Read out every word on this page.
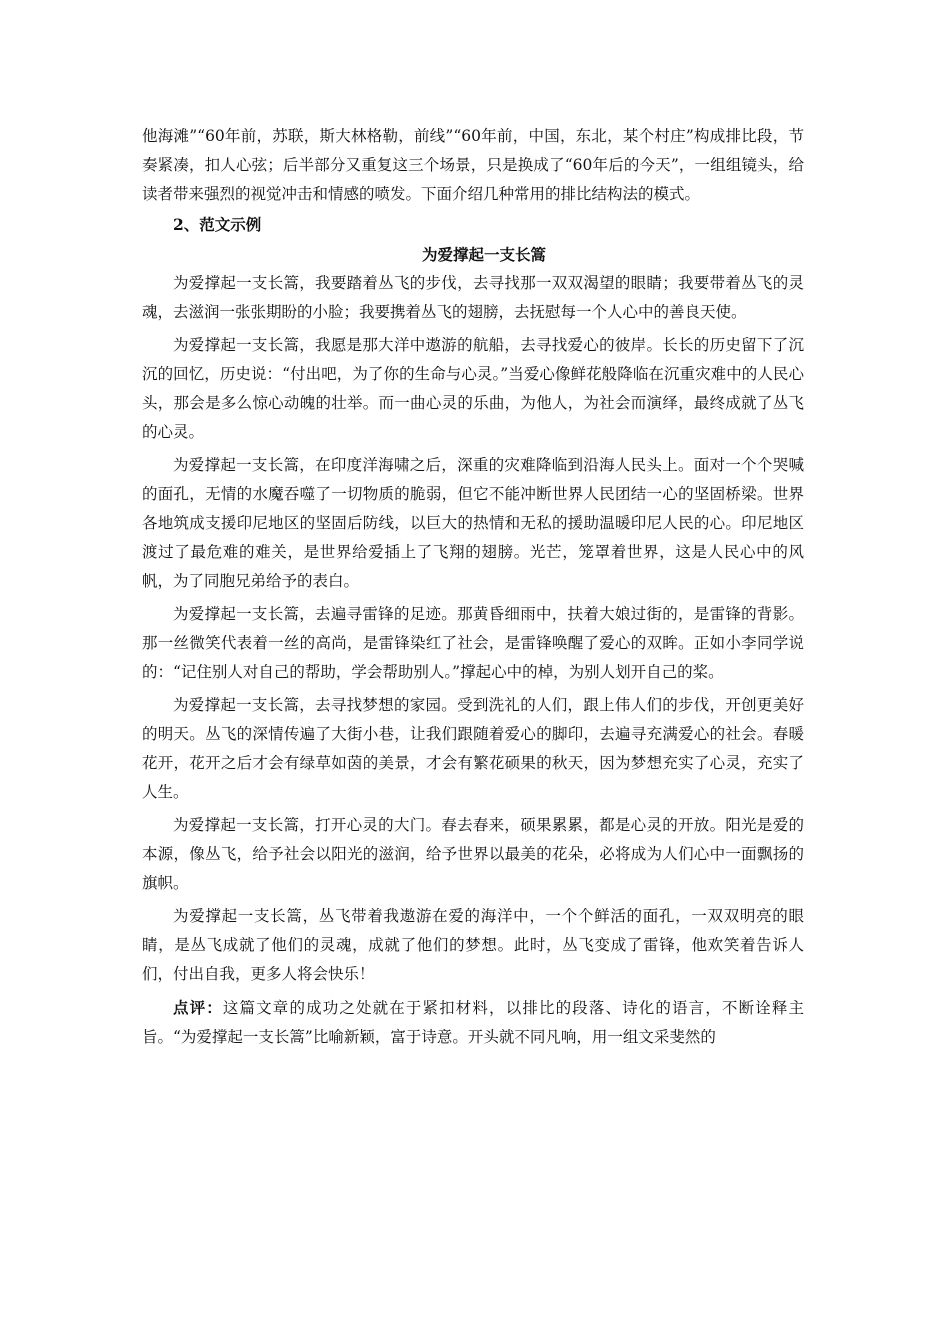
他海滩”“60年前，苏联，斯大林格勒，前线”“60年前，中国，东北，某个村庄”构成排比段，节奏紧凑，扣人心弦；后半部分又重复这三个场景，只是换成了“60年后的今天”，一组组镜头，给读者带来强烈的视觉冲击和情感的喷发。下面介绍几种常用的排比结构法的模式。

2、范文示例

为爱撑起一支长篙

为爱撑起一支长篙，我要踏着丛飞的步伐，去寻找那一双双渴望的眼睛；我要带着丛飞的灵魂，去滋润一张张期盼的小脸；我要携着丛飞的翅膀，去抚慰每一个人心中的善良天使。

为爱撑起一支长篙，我愿是那大洋中遨游的航船，去寻找爱心的彼岸。长长的历史留下了沉沉的回忆，历史说：“付出吧，为了你的生命与心灵。”当爱心像鲜花般降临在沉重灾难中的人民心头，那会是多么惊心动魄的壮举。而一曲心灵的乐曲，为他人，为社会而演绎，最终成就了丛飞的心灵。

为爱撑起一支长篙，在印度洋海啸之后，深重的灾难降临到沿海人民头上。面对一个个哭喊的面孔，无情的水魔吞噬了一切物质的脆弱，但它不能冲断世界人民团结一心的坚固桥梁。世界各地筑成支援印尼地区的坚固后防线，以巨大的热情和无私的援助温暖印尼人民的心。印尼地区渡过了最危难的难关，是世界给爱插上了飞翔的翅膀。光芒，笼罩着世界，这是人民心中的风帆，为了同胞兄弟给予的表白。

为爱撑起一支长篙，去遍寻雷锋的足迹。那黄昏细雨中，扶着大娘过街的，是雷锋的背影。那一丝微笑代表着一丝的高尚，是雷锋染红了社会，是雷锋唤醒了爱心的双眸。正如小李同学说的：“记住别人对自己的帮助，学会帮助别人。”撑起心中的棹，为别人划开自己的桨。

为爱撑起一支长篙，去寻找梦想的家园。受到洗礼的人们，跟上伟人们的步伐，开创更美好的明天。丛飞的深情传遍了大街小巷，让我们跟随着爱心的脚印，去遍寻充满爱心的社会。春暖花开，花开之后才会有绿草如茵的美景，才会有繁花硕果的秋天，因为梦想充实了心灵，充实了人生。

为爱撑起一支长篙，打开心灵的大门。春去春来，硕果累累，都是心灵的开放。阳光是爱的本源，像丛飞，给予社会以阳光的滋润，给予世界以最美的花朵，必将成为人们心中一面飘扬的旗帜。

为爱撑起一支长篙，丛飞带着我遨游在爱的海洋中，一个个鲜活的面孔，一双双明亮的眼睛，是丛飞成就了他们的灵魂，成就了他们的梦想。此时，丛飞变成了雷锋，他欢笑着告诉人们，付出自我，更多人将会快乐！

点评：这篇文章的成功之处就在于紧扣材料，以排比的段落、诗化的语言，不断诠释主旨。“为爱撑起一支长篙”比喻新颖，富于诗意。开头就不同凡响，用一组文采斐然的
